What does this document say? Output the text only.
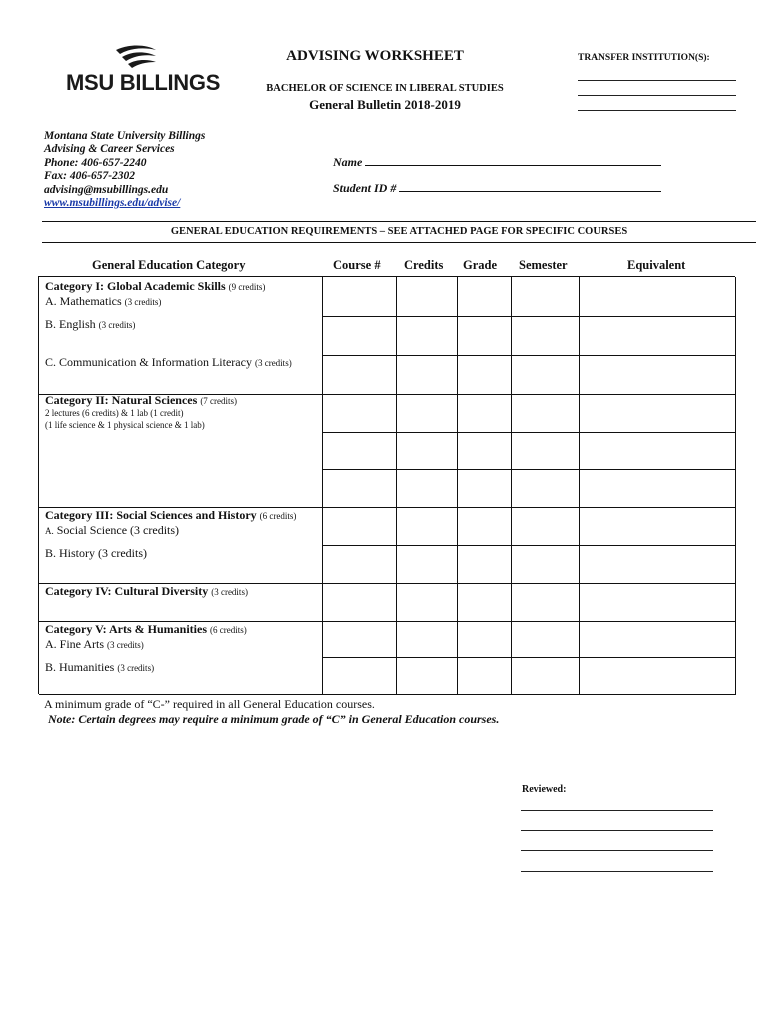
MSU BILLINGS
ADVISING WORKSHEET
BACHELOR OF SCIENCE IN LIBERAL STUDIES
General Bulletin 2018-2019
TRANSFER INSTITUTION(S):
Montana State University Billings
Advising & Career Services
Phone: 406-657-2240
Fax: 406-657-2302
advising@msubillings.edu
www.msubillings.edu/advise/
Name
Student ID #
GENERAL EDUCATION REQUIREMENTS – SEE ATTACHED PAGE FOR SPECIFIC COURSES
General Education Category	Course # Credits Grade Semester	Equivalent
Category I: Global Academic Skills (9 credits)
A. Mathematics (3 credits)
B. English (3 credits)
C. Communication & Information Literacy (3 credits)
Category II: Natural Sciences (7 credits)
2 lectures (6 credits) & 1 lab (1 credit)
(1 life science & 1 physical science & 1 lab)
Category III: Social Sciences and History (6 credits)
A. Social Science (3 credits)
B. History (3 credits)
Category IV: Cultural Diversity (3 credits)
Category V: Arts & Humanities (6 credits)
A. Fine Arts (3 credits)
B. Humanities (3 credits)
A minimum grade of “C-” required in all General Education courses.
Note: Certain degrees may require a minimum grade of “C” in General Education courses.
Reviewed:
